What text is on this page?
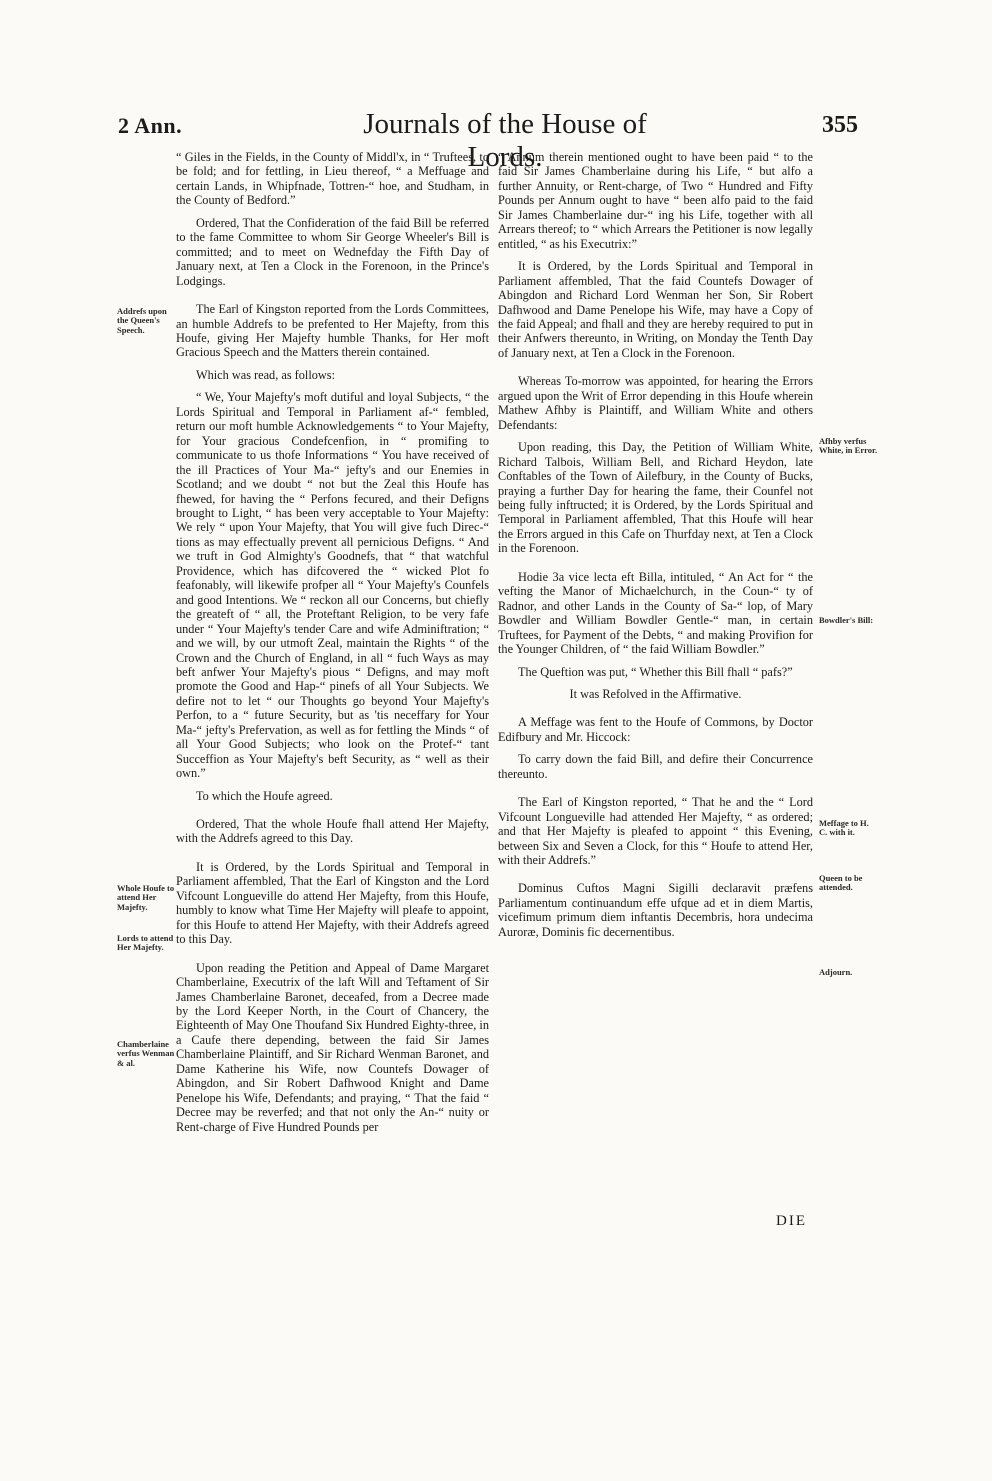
2 Ann.	Journals of the House of Lords.
355

“ Giles in the Fields, in the County of Middl'x, in “ Truftees, to be fold; and for fettling, in Lieu thereof, “ a Meffuage and certain Lands, in Whipfnade, Tottren-“ hoe, and Studham, in the County of Bedford.”

Ordered, That the Confideration of the faid Bill be referred to the fame Committee to whom Sir George Wheeler's Bill is committed; and to meet on Wednefday the Fifth Day of January next, at Ten a Clock in the Forenoon, in the Prince's Lodgings.

The Earl of Kingston reported from the Lords Committees, an humble Addrefs to be prefented to Her Majefty, from this Houfe, giving Her Majefty humble Thanks, for Her moft Gracious Speech and the Matters therein contained.

Which was read, as follows:

“ We, Your Majefty's moft dutiful and loyal Subjects, “ the Lords Spiritual and Temporal in Parliament af-“ fembled, return our moft humble Acknowledgements “ to Your Majefty, for Your gracious Condefcenfion, in “ promifing to communicate to us thofe Informations “ You have received of the ill Practices of Your Ma-“ jefty's and our Enemies in Scotland; and we doubt “ not but the Zeal this Houfe has fhewed, for having the “ Perfons fecured, and their Defigns brought to Light, “ has been very acceptable to Your Majefty: We rely “ upon Your Majefty, that You will give fuch Direc-“ tions as may effectually prevent all pernicious Defigns. “ And we truft in God Almighty's Goodnefs, that “ that watchful Providence, which has difcovered the “ wicked Plot fo feafonably, will likewife profper all “ Your Majefty's Counfels and good Intentions. We “ reckon all our Concerns, but chiefly the greateft of “ all, the Proteftant Religion, to be very fafe under “ Your Majefty's tender Care and wife Adminiftration; “ and we will, by our utmoft Zeal, maintain the Rights “ of the Crown and the Church of England, in all “ fuch Ways as may beft anfwer Your Majefty's pious “ Defigns, and may moft promote the Good and Hap-“ pinefs of all Your Subjects. We defire not to let “ our Thoughts go beyond Your Majefty's Perfon, to a “ future Security, but as 'tis neceffary for Your Ma-“ jefty's Prefervation, as well as for fettling the Minds “ of all Your Good Subjects; who look on the Protef-“ tant Succeffion as Your Majefty's beft Security, as “ well as their own.”

To which the Houfe agreed.

Ordered, That the whole Houfe fhall attend Her Majefty, with the Addrefs agreed to this Day.

It is Ordered, by the Lords Spiritual and Temporal in Parliament affembled, That the Earl of Kingston and the Lord Vifcount Longueville do attend Her Majefty, from this Houfe, humbly to know what Time Her Majefty will pleafe to appoint, for this Houfe to attend Her Majefty, with their Addrefs agreed to this Day.

Upon reading the Petition and Appeal of Dame Margaret Chamberlaine, Executrix of the laft Will and Teftament of Sir James Chamberlaine Baronet, deceafed, from a Decree made by the Lord Keeper North, in the Court of Chancery, the Eighteenth of May One Thoufand Six Hundred Eighty-three, in a Caufe there depending, between the faid Sir James Chamberlaine Plaintiff, and Sir Richard Wenman Baronet, and Dame Katherine his Wife, now Countefs Dowager of Abingdon, and Sir Robert Dafhwood Knight and Dame Penelope his Wife, Defendants; and praying, “ That the faid “ Decree may be reverfed; and that not only the An-“ nuity or Rent-charge of Five Hundred Pounds per

“ Annum therein mentioned ought to have been paid “ to the faid Sir James Chamberlaine during his Life, “ but alfo a further Annuity, or Rent-charge, of Two “ Hundred and Fifty Pounds per Annum ought to have “ been alfo paid to the faid Sir James Chamberlaine dur-“ ing his Life, together with all Arrears thereof; to “ which Arrears the Petitioner is now legally entitled, “ as his Executrix:”

It is Ordered, by the Lords Spiritual and Temporal in Parliament affembled, That the faid Countefs Dowager of Abingdon and Richard Lord Wenman her Son, Sir Robert Dafhwood and Dame Penelope his Wife, may have a Copy of the faid Appeal; and fhall and they are hereby required to put in their Anfwers thereunto, in Writing, on Monday the Tenth Day of January next, at Ten a Clock in the Forenoon.

Whereas To-morrow was appointed, for hearing the Errors argued upon the Writ of Error depending in this Houfe wherein Mathew Afhby is Plaintiff, and William White and others Defendants:

Upon reading, this Day, the Petition of William White, Richard Talbois, William Bell, and Richard Heydon, late Conftables of the Town of Ailefbury, in the County of Bucks, praying a further Day for hearing the fame, their Counfel not being fully inftructed; it is Ordered, by the Lords Spiritual and Temporal in Parliament affembled, That this Houfe will hear the Errors argued in this Cafe on Thurfday next, at Ten a Clock in the Forenoon.

Hodie 3a vice lecta eft Billa, intituled, “ An Act for “ the vefting the Manor of Michaelchurch, in the Coun-“ ty of Radnor, and other Lands in the County of Sa-“ lop, of Mary Bowdler and William Bowdler Gentle-“ man, in certain Truftees, for Payment of the Debts, “ and making Provifion for the Younger Children, of “ the faid William Bowdler.”

The Queftion was put, “ Whether this Bill fhall “ pafs?”

It was Refolved in the Affirmative.

A Meffage was fent to the Houfe of Commons, by Doctor Edifbury and Mr. Hiccock:

To carry down the faid Bill, and defire their Concurrence thereunto.

The Earl of Kingston reported, “ That he and the “ Lord Vifcount Longueville had attended Her Majefty, “ as ordered; and that Her Majefty is pleafed to appoint “ this Evening, between Six and Seven a Clock, for this “ Houfe to attend Her, with their Addrefs.”

Dominus Cuftos Magni Sigilli declaravit præfens Parliamentum continuandum effe ufque ad et in diem Martis, vicefimum primum diem inftantis Decembris, hora undecima Auroræ, Dominis fic decernentibus.

Addrefs upon the Queen's Speech.
Whole Houfe to attend Her Majefty.
Lords to attend Her Majefty.
Chamberlaine verfus Wenman & al.
Afhby verfus White, in Error.
Bowdler's Bill:
Meffage to H. C. with it.
Queen to be attended.
Adjourn.
DIE
